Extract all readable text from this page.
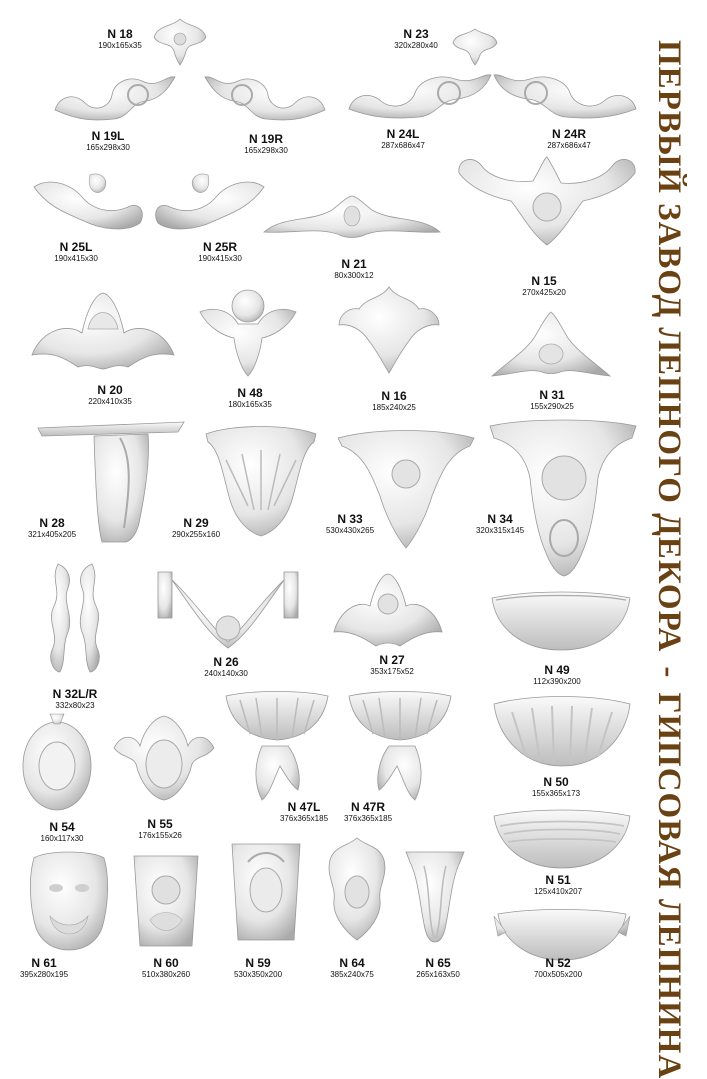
N 18
190x165x35
N 23
320x280x40
N 19L
165x298x30
N 19R
165x298x30
N 24L
287x686x47
N 24R
287x686x47
N 25L
190x415x30
N 25R
190x415x30	N 21
80x300x12	N 15
270x425x20
N 20
220x410x35
N 48
180x165x35
N 16
185x240x25
N 31
155x290x25
N 28
321x405x205
N 29
290x255x160
N 33
530x430x265
N 34
320x315x145
N 32L/R
332x80x23
N 26
240x140x30
N 27
353x175x52	N 49
112x390x200
N 54
160x117x30
N 55
176x155x26
N 47L
376x365x185
N 47R
376x365x185
N 50
155x365x173
N 51
125x410x207
N 61
395x280x195
N 60
510x380x260
N 59
530x350x200
N 64
385x240x75
N 65
265x163x50
N 52
700x505x200
ПЕРВЫЙ ЗАВОД ЛЕПНОГО ДЕКОРА-ГИПСОВАЯ ЛЕПНИНА
